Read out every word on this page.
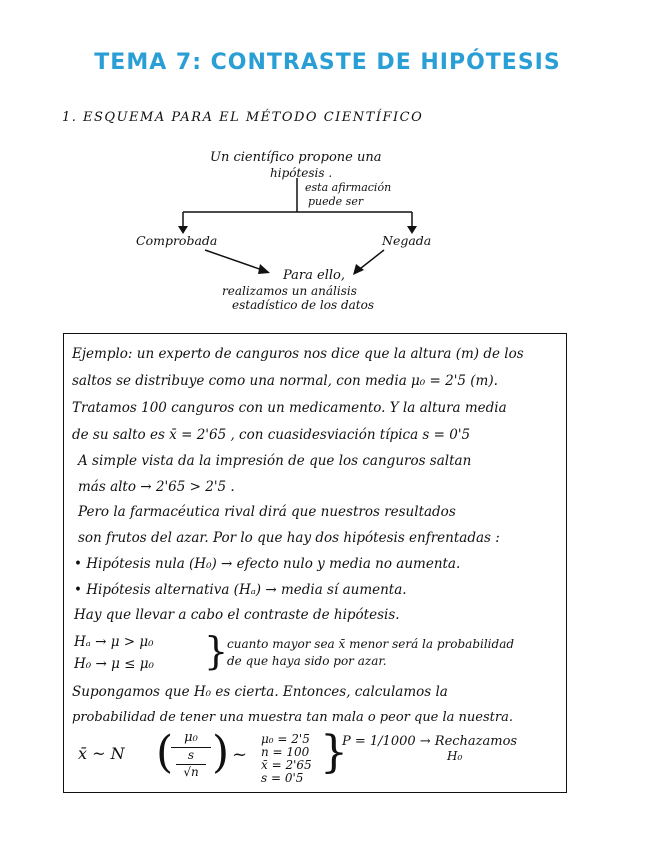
TEMA 7: CONTRASTE DE HIPÓTESIS
1. ESQUEMA PARA EL MÉTODO CIENTÍFICO
Un científico propone una
hipótesis .
esta afirmación
puede ser
Comprobada	Negada
Para ello,
realizamos un análisis
estadístico de los datos
Ejemplo: un experto de canguros nos dice que la altura (m) de los
saltos se distribuye como una normal, con media μ₀ = 2'5 (m).
Tratamos 100 canguros con un medicamento. Y la altura media
de su salto es x̄ = 2'65 , con cuasidesviación típica s = 0'5
A simple vista da la impresión de que los canguros saltan
más alto → 2'65 > 2'5 .
Pero la farmacéutica rival dirá que nuestros resultados
son frutos del azar. Por lo que hay dos hipótesis enfrentadas :
• Hipótesis nula (H₀) → efecto nulo y media no aumenta.
• Hipótesis alternativa (Hₐ) → media sí aumenta.
Hay que llevar a cabo el contraste de hipótesis.
Hₐ → μ > μ₀
H₀ → μ ≤ μ₀ }
cuanto mayor sea x̄ menor será la probabilidad
de que haya sido por azar.
Supongamos que H₀ es cierta. Entonces, calculamos la
probabilidad de tener una muestra tan mala o peor que la nuestra.
x̄ ~ N ( μ₀
s
√n ) ~
μ₀ = 2'5
n = 100
x̄ = 2'65
s = 0'5 }
P = 1/1000 → Rechazamos
H₀
